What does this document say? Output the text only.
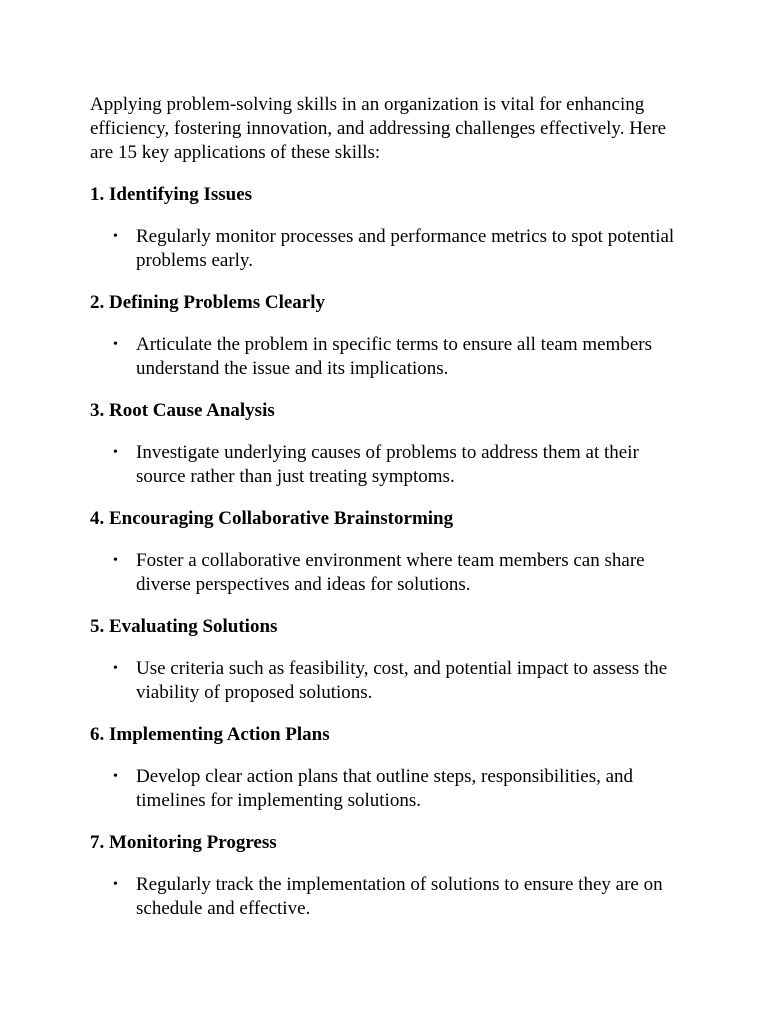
Applying problem-solving skills in an organization is vital for enhancing efficiency, fostering innovation, and addressing challenges effectively. Here are 15 key applications of these skills:

1. Identifying Issues

• Regularly monitor processes and performance metrics to spot potential problems early.

2. Defining Problems Clearly

• Articulate the problem in specific terms to ensure all team members understand the issue and its implications.

3. Root Cause Analysis

• Investigate underlying causes of problems to address them at their source rather than just treating symptoms.

4. Encouraging Collaborative Brainstorming

• Foster a collaborative environment where team members can share diverse perspectives and ideas for solutions.

5. Evaluating Solutions

• Use criteria such as feasibility, cost, and potential impact to assess the viability of proposed solutions.

6. Implementing Action Plans

• Develop clear action plans that outline steps, responsibilities, and timelines for implementing solutions.

7. Monitoring Progress

• Regularly track the implementation of solutions to ensure they are on schedule and effective.
